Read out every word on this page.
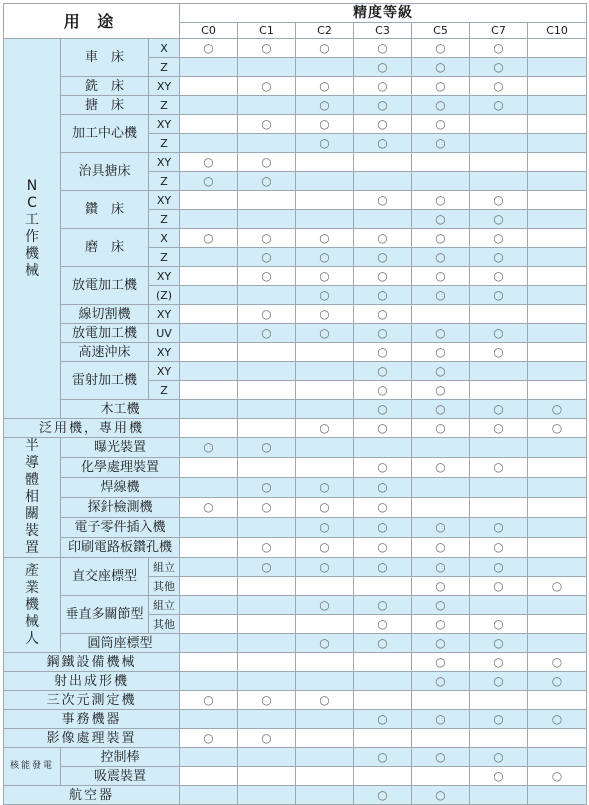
用 途			精度等級						
			C0	C1	C2	C3	C5	C7	C10
NC工作機械	車　床	X	○	○	○	○	○	○	
		Z				○	○	○	
	銑　床	XY		○	○	○	○	○	
	搪　床	Z			○	○	○	○	
	加工中心機	XY		○	○	○	○		
		Z			○	○	○		
	治具搪床	XY	○	○					
		Z	○	○					
	鑽　床	XY				○	○	○	
		Z					○	○	
	磨　床	X	○	○	○	○	○	○	
		Z		○	○	○	○	○	
	放電加工機	XY		○	○	○	○	○	
		(Z)			○	○	○	○	
	線切割機	XY		○	○	○			
	放電加工機	UV		○	○	○	○	○	
	高速沖床	XY				○	○	○	
	雷射加工機	XY				○	○		
		Z				○	○		
	木工機					○	○	○	○
泛用機，專用機					○	○	○	○	○
半導體相關裝置	曝光裝置		○	○					
	化學處理裝置					○	○	○	
	焊線機			○	○	○			
	探針檢測機		○	○	○	○			
	電子零件插入機				○	○	○	○	
	印刷電路板鑽孔機			○	○	○	○	○	
產業機械人	直交座標型	組立		○	○	○	○	○	
		其他					○	○	○
	垂直多關節型	組立			○	○	○		
		其他				○	○	○	
	圓筒座標型				○	○	○	○	
鋼鐵設備機械							○	○	○
射出成形機							○	○	○
三次元測定機			○	○	○				
事務機器						○	○	○	○
影像處理裝置			○	○					
核能發電	控制棒					○	○	○	
	吸震裝置							○	○
航空器						○	○		
